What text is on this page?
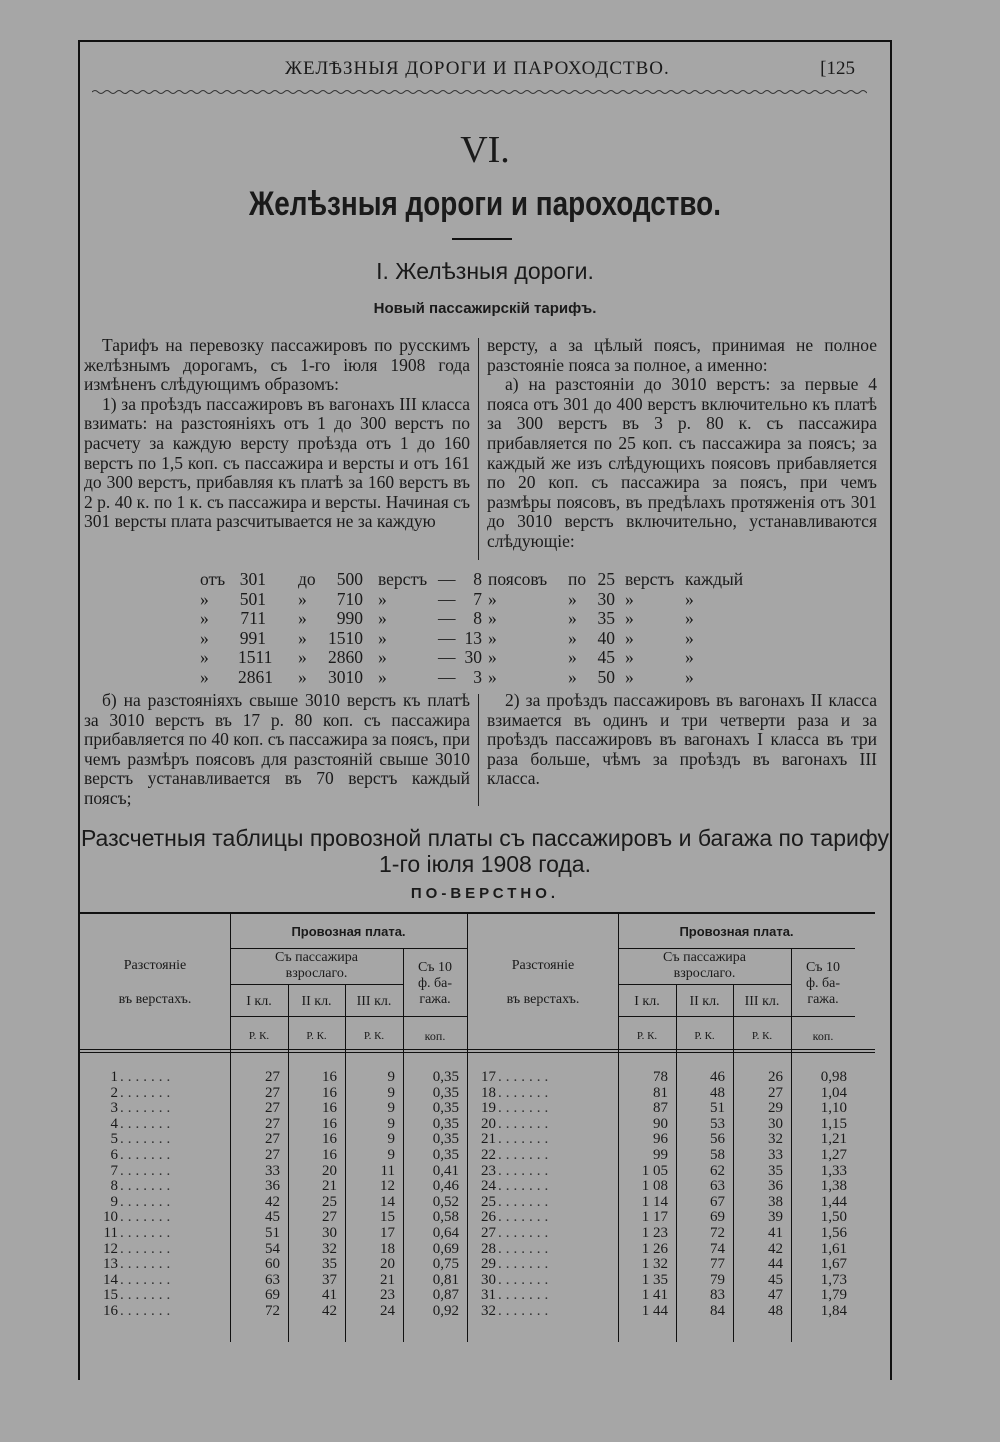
ЖЕЛѢЗНЫЯ ДОРОГИ И ПАРОХОДСТВО.	[125
VI.
Желѣзныя дороги и пароходство.
I. Желѣзныя дороги.
Новый пассажирскій тарифъ.

Тарифъ на перевозку пассажировъ по русскимъ желѣзнымъ дорогамъ, съ 1-го іюля 1908 года измѣненъ слѣдующимъ образомъ:

1) за проѣздъ пассажировъ въ вагонахъ III класса взимать: на разстояніяхъ отъ 1 до 300 верстъ по расчету за каждую версту проѣзда отъ 1 до 160 верстъ по 1,5 коп. съ пассажира и версты и отъ 161 до 300 верстъ, прибавляя къ платѣ за 160 верстъ въ 2 р. 40 к. по 1 к. съ пассажира и версты. Начиная съ 301 версты плата разсчитывается не за каждую

версту, а за цѣлый поясъ, принимая не полное разстояніе пояса за полное, а именно:

а) на разстояніи до 3010 верстъ: за первые 4 пояса отъ 301 до 400 верстъ включительно къ платѣ за 300 верстъ въ 3 р. 80 к. съ пассажира прибавляется по 25 коп. съ пассажира за поясъ; за каждый же изъ слѣдующихъ поясовъ прибавляется по 20 коп. съ пассажира за поясъ, при чемъ размѣры поясовъ, въ предѣлахъ протяженія отъ 301 до 3010 верстъ включительно, устанавливаются слѣдующіе:

отъ 301 до	500 верстъ —	8 поясовъ по 25 верстъ каждый
» 501 »	710 »	—	7 »	» 30 »	»
» 711 »	990 »	—	8 »	» 35 »	»
» 991 »	1510 »	— 13 »	» 40 »	»
» 1511 »	2860 »	— 30 »	» 45 »	»
» 2861 »	3010 »	—	3 »	» 50 »	»

б) на разстояніяхъ свыше 3010 верстъ къ платѣ за 3010 верстъ въ 17 р. 80 коп. съ пассажира прибавляется по 40 коп. съ пассажира за поясъ, при чемъ размѣръ поясовъ для разстояній свыше 3010 верстъ устанавливается въ 70 верстъ каждый поясъ;

2) за проѣздъ пассажировъ въ вагонахъ II класса взимается въ одинъ и три четверти раза и за проѣздъ пассажировъ въ вагонахъ I класса въ три раза больше, чѣмъ за проѣздъ въ вагонахъ III класса.

Разсчетныя таблицы провозной платы съ пассажировъ и багажа по тарифу
1-го іюля 1908 года.
ПО-ВЕРСТНО.
Разстояніе
въ верстахъ.
Провозная плата.
Съ пассажира
взрослаго.	Съ 10
ф. ба-
гажа.
I кл.	II кл.	III кл.
Р. К.	Р. К.	Р. К.	коп.
1 .......	27	16	9	0,35
2 .......	27	16	9	0,35
3 .......	27	16	9	0,35
4 .......	27	16	9	0,35
5 .......	27	16	9	0,35
6 .......	27	16	9	0,35
7 .......	33	20	11	0,41
8 .......	36	21	12	0,46
9 .......	42	25	14	0,52
10 .......	45	27	15	0,58
11 .......	51	30	17	0,64
12 .......	54	32	18	0,69
13 .......	60	35	20	0,75
14 .......	63	37	21	0,81
15 .......	69	41	23	0,87
16 .......	72	42	24	0,92
Разстояніе
въ верстахъ.
Провозная плата.
Съ пассажира
взрослаго.	Съ 10
ф. ба-
гажа.
I кл.	II кл.	III кл.
Р. К.	Р. К.	Р. К.	коп.
17 .......	78	46	26	0,98
18 .......	81	48	27	1,04
19 .......	87	51	29	1,10
20 .......	90	53	30	1,15
21 .......	96	56	32	1,21
22 .......	99	58	33	1,27
23 .......	1 05	62	35	1,33
24 .......	1 08	63	36	1,38
25 .......	1 14	67	38	1,44
26 .......	1 17	69	39	1,50
27 .......	1 23	72	41	1,56
28 .......	1 26	74	42	1,61
29 .......	1 32	77	44	1,67
30 .......	1 35	79	45	1,73
31 .......	1 41	83	47	1,79
32 .......	1 44	84	48	1,84
